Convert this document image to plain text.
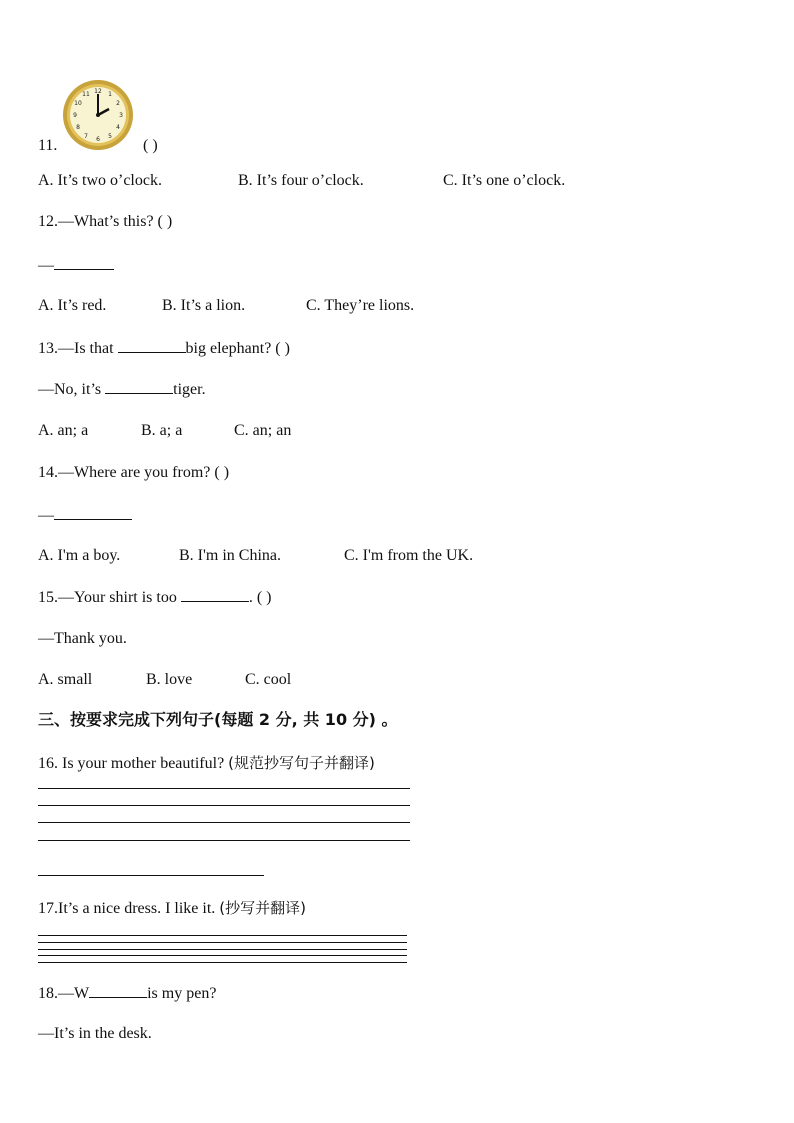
12 1
2
3
4
5
6
7
8
9
10
11
11.	( )
A. It’s two o’clock.	B. It’s four o’clock.	C. It’s one o’clock.
12.—What’s this? ( )
—
A. It’s red.	B. It’s a lion.	C. They’re lions.
13.—Is that	big elephant? ( )
—No, it’s	tiger.
A. an; a	B. a; a	C. an; an
14.—Where are you from? ( )
—
A. I'm a boy.	B. I'm in China.	C. I'm from the UK.
15.—Your shirt is too	. ( )
—Thank you.
A. small	B. love	C. cool
三、按要求完成下列句子(每题 2 分, 共 10 分) 。
16. Is your mother beautiful? (规范抄写句子并翻译)
17.It’s a nice dress. I like it. (抄写并翻译)
18.—W	is my pen?
—It’s in the desk.
